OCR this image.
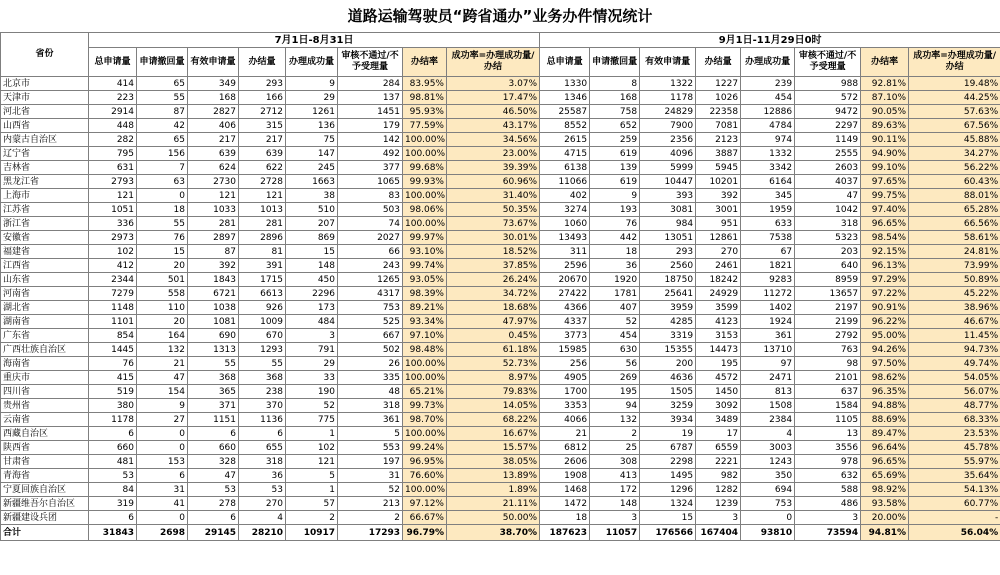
道路运输驾驶员“跨省通办”业务办件情况统计
省份	7月1日-8月31日								9月1日-11月29日0时							
	总申请量	申请撤回量	有效申请量	办结量	办理成功量	审核不通过/不予受理量	办结率	成功率=办理成功量/办结	总申请量	申请撤回量	有效申请量	办结量	办理成功量	审核不通过/不予受理量	办结率	成功率=办理成功量/办结
北京市	414	65	349	293	9	284	83.95%	3.07%	1330	8	1322	1227	239	988	92.81%	19.48%
天津市	223	55	168	166	29	137	98.81%	17.47%	1346	168	1178	1026	454	572	87.10%	44.25%
河北省	2914	87	2827	2712	1261	1451	95.93%	46.50%	25587	758	24829	22358	12886	9472	90.05%	57.63%
山西省	448	42	406	315	136	179	77.59%	43.17%	8552	652	7900	7081	4784	2297	89.63%	67.56%
内蒙古自治区	282	65	217	217	75	142	100.00%	34.56%	2615	259	2356	2123	974	1149	90.11%	45.88%
辽宁省	795	156	639	639	147	492	100.00%	23.00%	4715	619	4096	3887	1332	2555	94.90%	34.27%
吉林省	631	7	624	622	245	377	99.68%	39.39%	6138	139	5999	5945	3342	2603	99.10%	56.22%
黑龙江省	2793	63	2730	2728	1663	1065	99.93%	60.96%	11066	619	10447	10201	6164	4037	97.65%	60.43%
上海市	121	0	121	121	38	83	100.00%	31.40%	402	9	393	392	345	47	99.75%	88.01%
江苏省	1051	18	1033	1013	510	503	98.06%	50.35%	3274	193	3081	3001	1959	1042	97.40%	65.28%
浙江省	336	55	281	281	207	74	100.00%	73.67%	1060	76	984	951	633	318	96.65%	66.56%
安徽省	2973	76	2897	2896	869	2027	99.97%	30.01%	13493	442	13051	12861	7538	5323	98.54%	58.61%
福建省	102	15	87	81	15	66	93.10%	18.52%	311	18	293	270	67	203	92.15%	24.81%
江西省	412	20	392	391	148	243	99.74%	37.85%	2596	36	2560	2461	1821	640	96.13%	73.99%
山东省	2344	501	1843	1715	450	1265	93.05%	26.24%	20670	1920	18750	18242	9283	8959	97.29%	50.89%
河南省	7279	558	6721	6613	2296	4317	98.39%	34.72%	27422	1781	25641	24929	11272	13657	97.22%	45.22%
湖北省	1148	110	1038	926	173	753	89.21%	18.68%	4366	407	3959	3599	1402	2197	90.91%	38.96%
湖南省	1101	20	1081	1009	484	525	93.34%	47.97%	4337	52	4285	4123	1924	2199	96.22%	46.67%
广东省	854	164	690	670	3	667	97.10%	0.45%	3773	454	3319	3153	361	2792	95.00%	11.45%
广西壮族自治区	1445	132	1313	1293	791	502	98.48%	61.18%	15985	630	15355	14473	13710	763	94.26%	94.73%
海南省	76	21	55	55	29	26	100.00%	52.73%	256	56	200	195	97	98	97.50%	49.74%
重庆市	415	47	368	368	33	335	100.00%	8.97%	4905	269	4636	4572	2471	2101	98.62%	54.05%
四川省	519	154	365	238	190	48	65.21%	79.83%	1700	195	1505	1450	813	637	96.35%	56.07%
贵州省	380	9	371	370	52	318	99.73%	14.05%	3353	94	3259	3092	1508	1584	94.88%	48.77%
云南省	1178	27	1151	1136	775	361	98.70%	68.22%	4066	132	3934	3489	2384	1105	88.69%	68.33%
西藏自治区	6	0	6	6	1	5	100.00%	16.67%	21	2	19	17	4	13	89.47%	23.53%
陕西省	660	0	660	655	102	553	99.24%	15.57%	6812	25	6787	6559	3003	3556	96.64%	45.78%
甘肃省	481	153	328	318	121	197	96.95%	38.05%	2606	308	2298	2221	1243	978	96.65%	55.97%
青海省	53	6	47	36	5	31	76.60%	13.89%	1908	413	1495	982	350	632	65.69%	35.64%
宁夏回族自治区	84	31	53	53	1	52	100.00%	1.89%	1468	172	1296	1282	694	588	98.92%	54.13%
新疆维吾尔自治区	319	41	278	270	57	213	97.12%	21.11%	1472	148	1324	1239	753	486	93.58%	60.77%
新疆建设兵团	6	0	6	4	2	2	66.67%	50.00%	18	3	15	3	0	3	20.00%	-
合计	31843	2698	29145	28210	10917	17293	96.79%	38.70%	187623	11057	176566	167404	93810	73594	94.81%	56.04%
